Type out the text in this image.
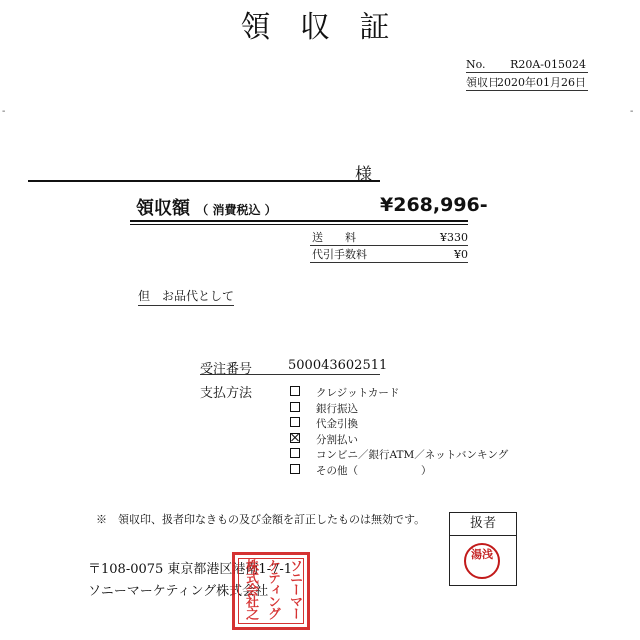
領 収 証
No. R20A-015024
領収日
2020年01月26日
-	-
様
領収額 （ 消費税込 ）	¥268,996-
送　　料	¥330
代引手数料	¥0
但　お品代として
受注番号	500043602511
支払方法	クレジットカード
銀行振込
代金引換
分割払い
コンビニ／銀行ATM／ネットバンキング
その他（　　　　　　）
※　領収印、扱者印なきもの及び金額を訂正したものは無効です。	扱者
湯浅
〒108-0075 東京都港区港南1-7-1
ソニーマーケティング株式会社 ソニーマー
ケティング
株式会社之
